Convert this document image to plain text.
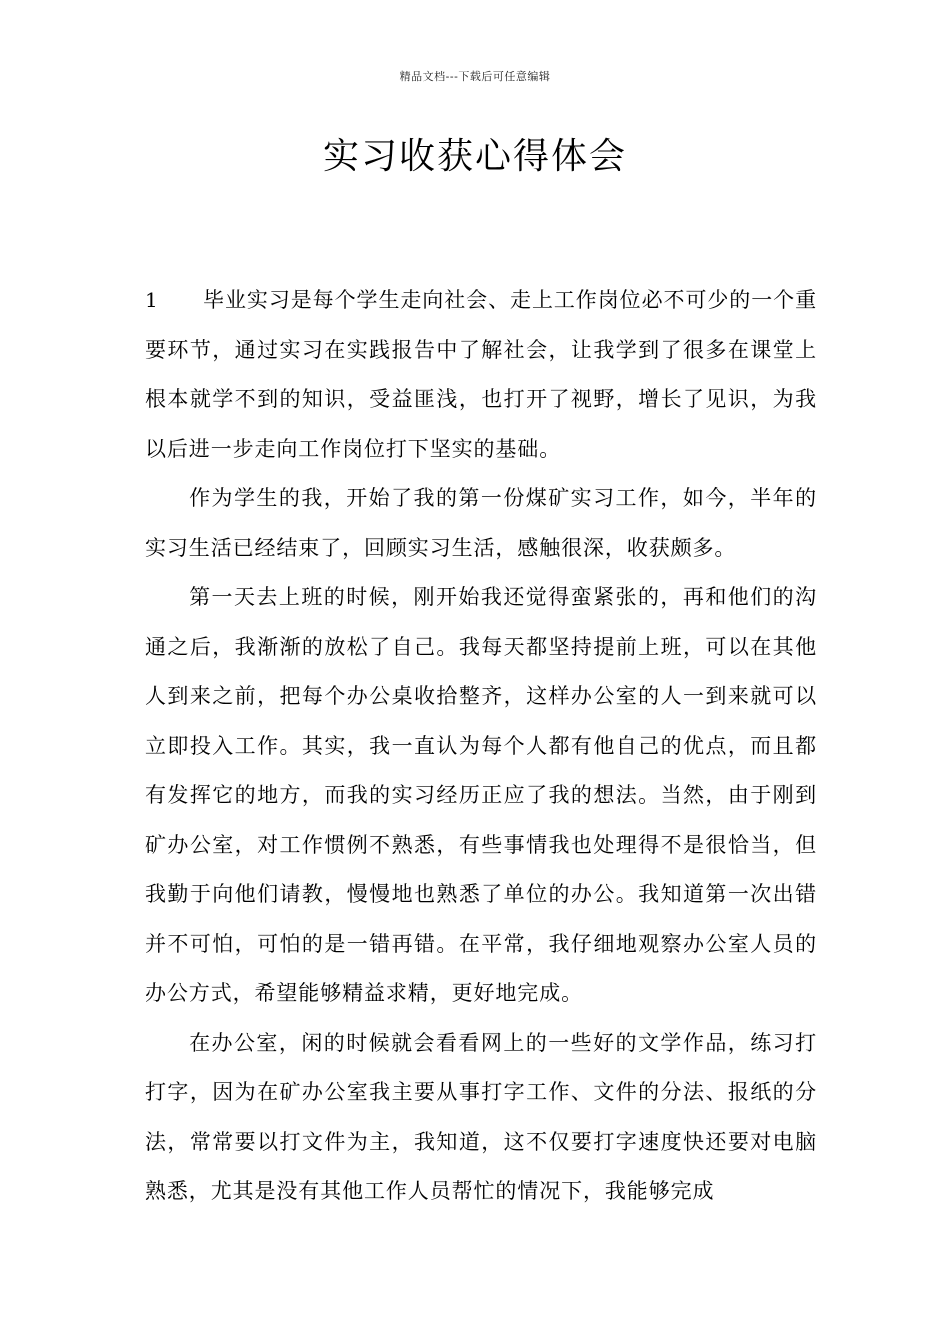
精品文档---下载后可任意编辑
实习收获心得体会

1 毕业实习是每个学生走向社会、走上工作岗位必不可少的一个重要环节，通过实习在实践报告中了解社会，让我学到了很多在课堂上根本就学不到的知识，受益匪浅，也打开了视野，增长了见识，为我以后进一步走向工作岗位打下坚实的基础。

作为学生的我，开始了我的第一份煤矿实习工作，如今，半年的实习生活已经结束了，回顾实习生活，感触很深，收获颇多。

第一天去上班的时候，刚开始我还觉得蛮紧张的，再和他们的沟通之后，我渐渐的放松了自己。我每天都坚持提前上班，可以在其他人到来之前，把每个办公桌收拾整齐，这样办公室的人一到来就可以立即投入工作。其实，我一直认为每个人都有他自己的优点，而且都有发挥它的地方，而我的实习经历正应了我的想法。当然，由于刚到矿办公室，对工作惯例不熟悉，有些事情我也处理得不是很恰当，但我勤于向他们请教，慢慢地也熟悉了单位的办公。我知道第一次出错并不可怕，可怕的是一错再错。在平常，我仔细地观察办公室人员的办公方式，希望能够精益求精，更好地完成。

在办公室，闲的时候就会看看网上的一些好的文学作品，练习打打字，因为在矿办公室我主要从事打字工作、文件的分法、报纸的分法，常常要以打文件为主，我知道，这不仅要打字速度快还要对电脑熟悉，尤其是没有其他工作人员帮忙的情况下，我能够完成
